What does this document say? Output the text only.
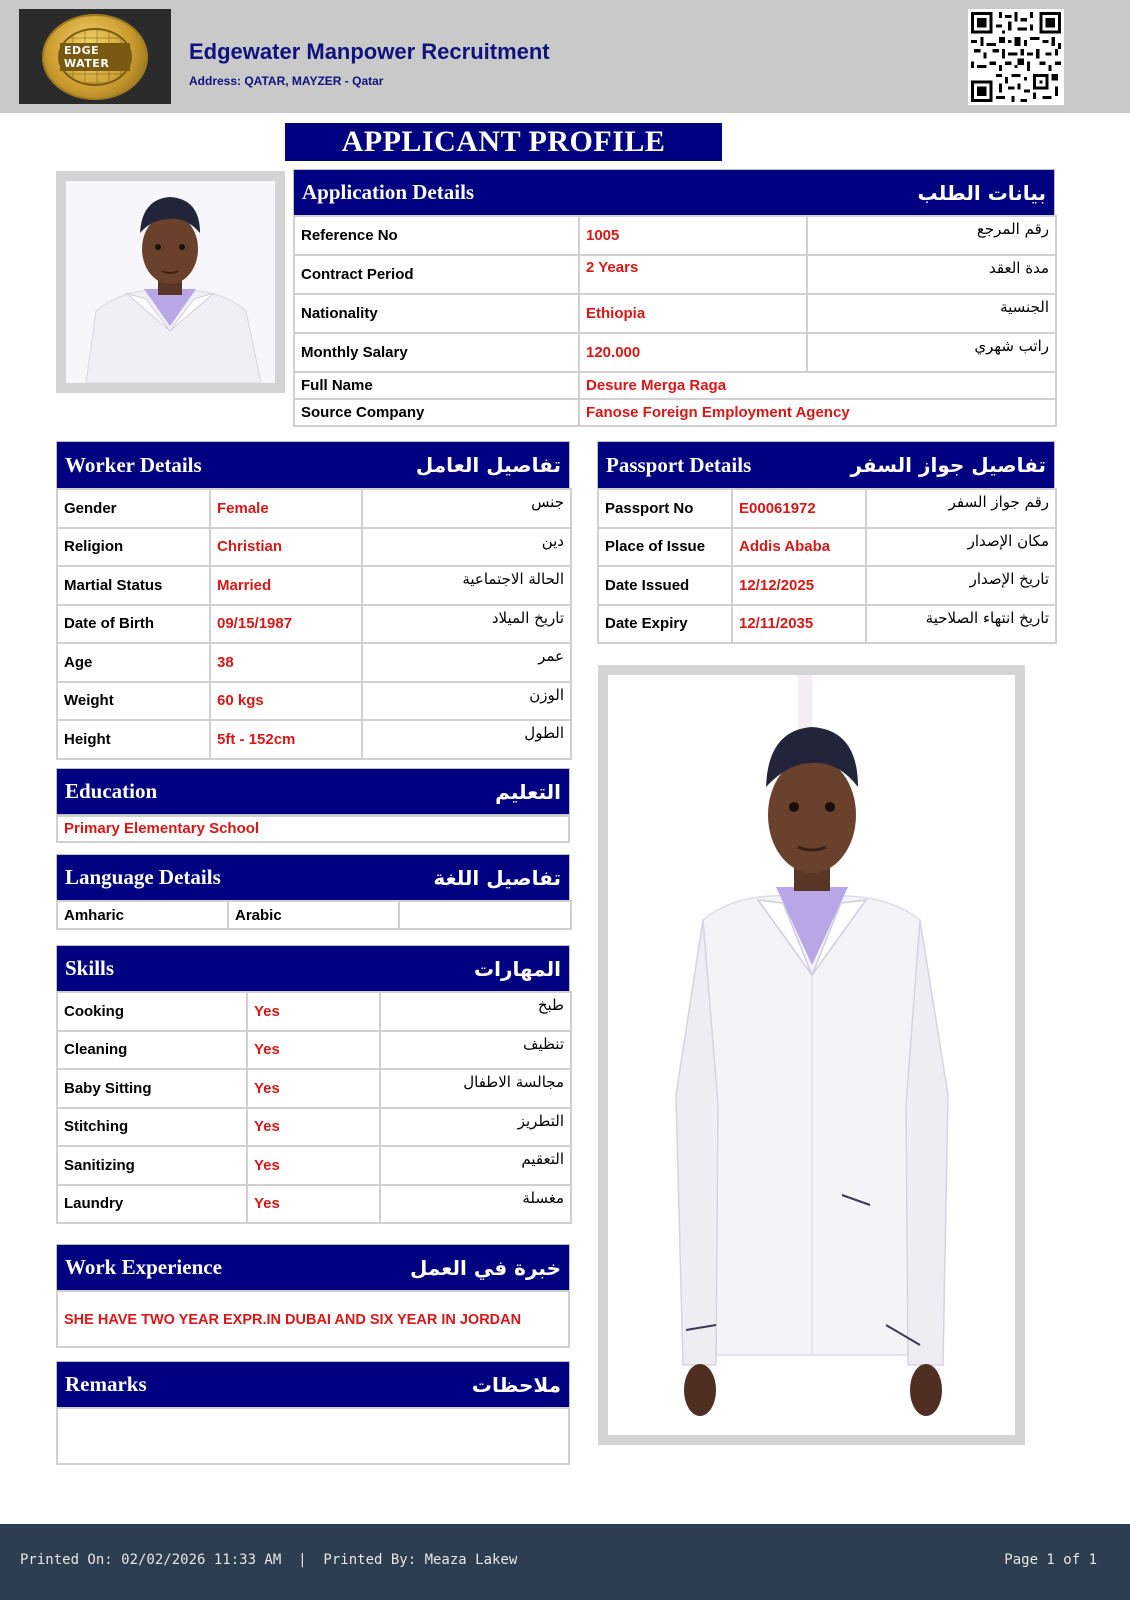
EDGE WATER	Edgewater Manpower Recruitment
Address: QATAR, MAYZER - Qatar
APPLICANT PROFILE
Application Details	بيانات الطلب
Reference No	1005	رقم المرجع
Contract Period	2 Years	مدة العقد
Nationality	Ethiopia	الجنسية
Monthly Salary	120.000	راتب شهري
Full Name	Desure Merga Raga	
Source Company	Fanose Foreign Employment Agency	
Worker Details	تفاصيل العامل
Gender	Female	جنس
Religion	Christian	دين
Martial Status	Married	الحالة الاجتماعية
Date of Birth	09/15/1987	تاريخ الميلاد
Age	38	عمر
Weight	60 kgs	الوزن
Height	5ft - 152cm	الطول
Passport Details	تفاصيل جواز السفر
Passport No	E00061972	رقم جواز السفر
Place of Issue	Addis Ababa	مكان الإصدار
Date Issued	12/12/2025	تاريخ الإصدار
Date Expiry	12/11/2035	تاريخ انتهاء الصلاحية
Education	التعليم
Primary Elementary School
Language Details	تفاصيل اللغة
Amharic	Arabic	
Skills	المهارات
Cooking	Yes	طبخ
Cleaning	Yes	تنظيف
Baby Sitting	Yes	مجالسة الاطفال
Stitching	Yes	التطريز
Sanitizing	Yes	التعقيم
Laundry	Yes	مغسلة
Work Experience	خبرة في العمل
SHE HAVE TWO YEAR EXPR.IN DUBAI AND SIX YEAR IN JORDAN
Remarks	ملاحظات
Printed On: 02/02/2026 11:33 AM  |  Printed By: Meaza Lakew	Page 1 of 1
